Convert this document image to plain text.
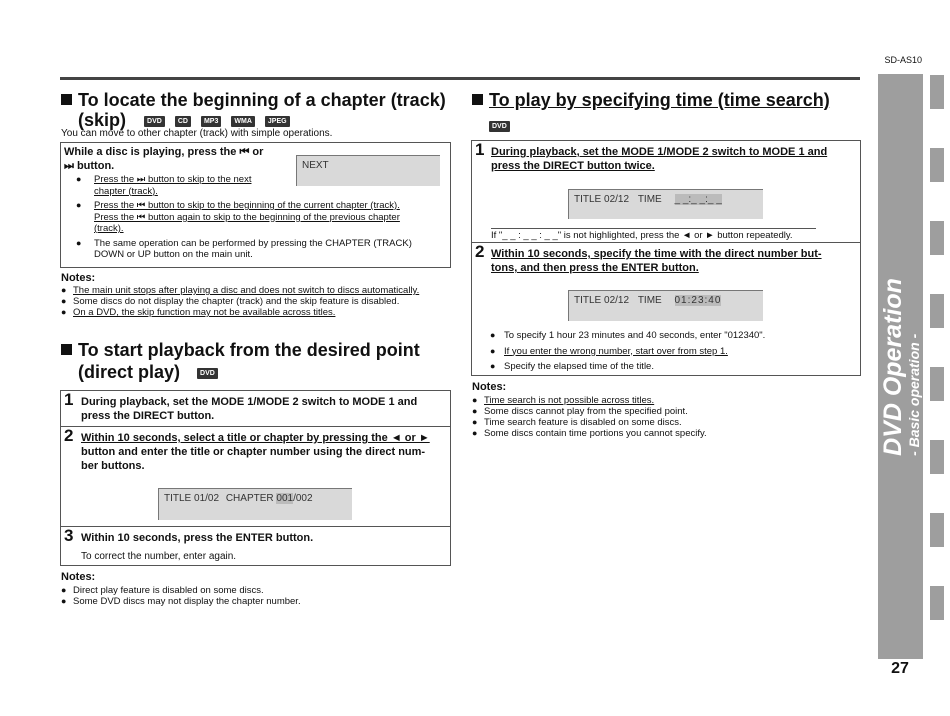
SD-AS10
DVD Operation - Basic operation -
27
To locate the beginning of a chapter (track)
(skip)	DVD CD MP3 WMA JPEG
You can move to other chapter (track) with simple operations.
While a disc is playing, press the ⏮ or
⏭ button.	NEXT
● Press the ⏭ button to skip to the next
chapter (track).
● Press the ⏮ button to skip to the beginning of the current chapter (track).
Press the ⏮ button again to skip to the beginning of the previous chapter
(track).
● The same operation can be performed by pressing the CHAPTER (TRACK)
DOWN or UP button on the main unit.
Notes:
● The main unit stops after playing a disc and does not switch to discs automatically.
● Some discs do not display the chapter (track) and the skip feature is disabled.
● On a DVD, the skip function may not be available across titles.
To start playback from the desired point
(direct play)	DVD
1 During playback, set the MODE 1/MODE 2 switch to MODE 1 and
press the DIRECT button.
2 Within 10 seconds, select a title or chapter by pressing the ◄ or ►
button and enter the title or chapter number using the direct num-
ber buttons.
TITLE 01/02 CHAPTER 001/002
3 Within 10 seconds, press the ENTER button.
To correct the number, enter again.
Notes:
● Direct play feature is disabled on some discs.
● Some DVD discs may not display the chapter number.
To play by specifying time (time search)
DVD
1 During playback, set the MODE 1/MODE 2 switch to MODE 1 and
press the DIRECT button twice.
TITLE 02/12 TIME _ _:_ _:_ _
If "_ _ : _ _ : _ _" is not highlighted, press the ◄ or ► button repeatedly.
2 Within 10 seconds, specify the time with the direct number but-
tons, and then press the ENTER button.
TITLE 02/12 TIME 01:23:40
● To specify 1 hour 23 minutes and 40 seconds, enter "012340".
● If you enter the wrong number, start over from step 1.
● Specify the elapsed time of the title.
Notes:
● Time search is not possible across titles.
● Some discs cannot play from the specified point.
● Time search feature is disabled on some discs.
● Some discs contain time portions you cannot specify.
